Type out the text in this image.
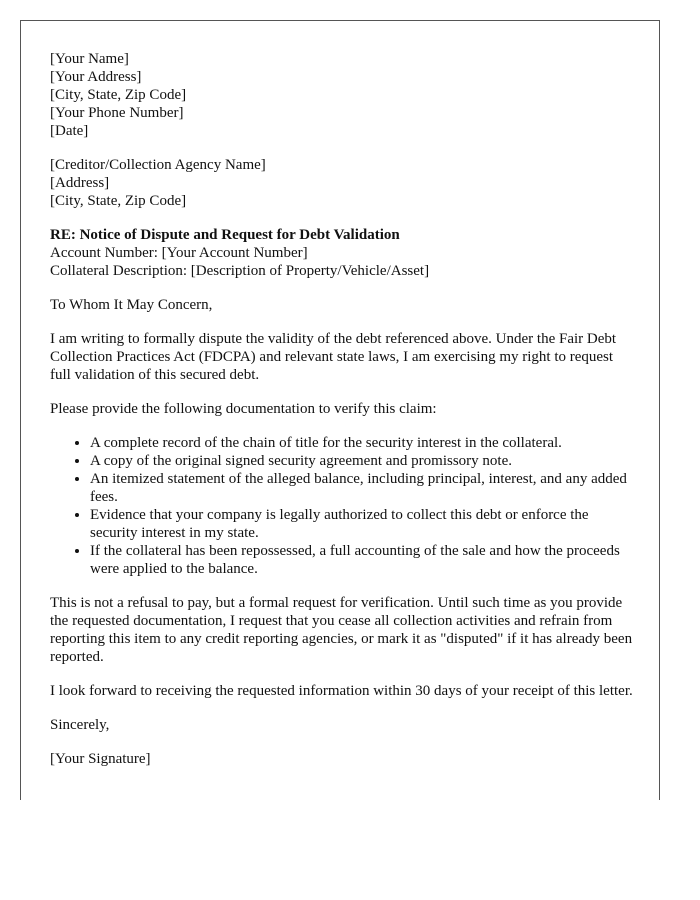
[Your Name]
[Your Address]
[City, State, Zip Code]
[Your Phone Number]
[Date]
[Creditor/Collection Agency Name]
[Address]
[City, State, Zip Code]
RE: Notice of Dispute and Request for Debt Validation
Account Number: [Your Account Number]
Collateral Description: [Description of Property/Vehicle/Asset]

To Whom It May Concern,

I am writing to formally dispute the validity of the debt referenced above. Under the Fair Debt Collection Practices Act (FDCPA) and relevant state laws, I am exercising my right to request full validation of this secured debt.

Please provide the following documentation to verify this claim:

• A complete record of the chain of title for the security interest in the collateral.
• A copy of the original signed security agreement and promissory note.
• An itemized statement of the alleged balance, including principal, interest, and any added fees.
• Evidence that your company is legally authorized to collect this debt or enforce the security interest in my state.
• If the collateral has been repossessed, a full accounting of the sale and how the proceeds were applied to the balance.

This is not a refusal to pay, but a formal request for verification. Until such time as you provide the requested documentation, I request that you cease all collection activities and refrain from reporting this item to any credit reporting agencies, or mark it as "disputed" if it has already been reported.

I look forward to receiving the requested information within 30 days of your receipt of this letter.

Sincerely,

[Your Signature]
